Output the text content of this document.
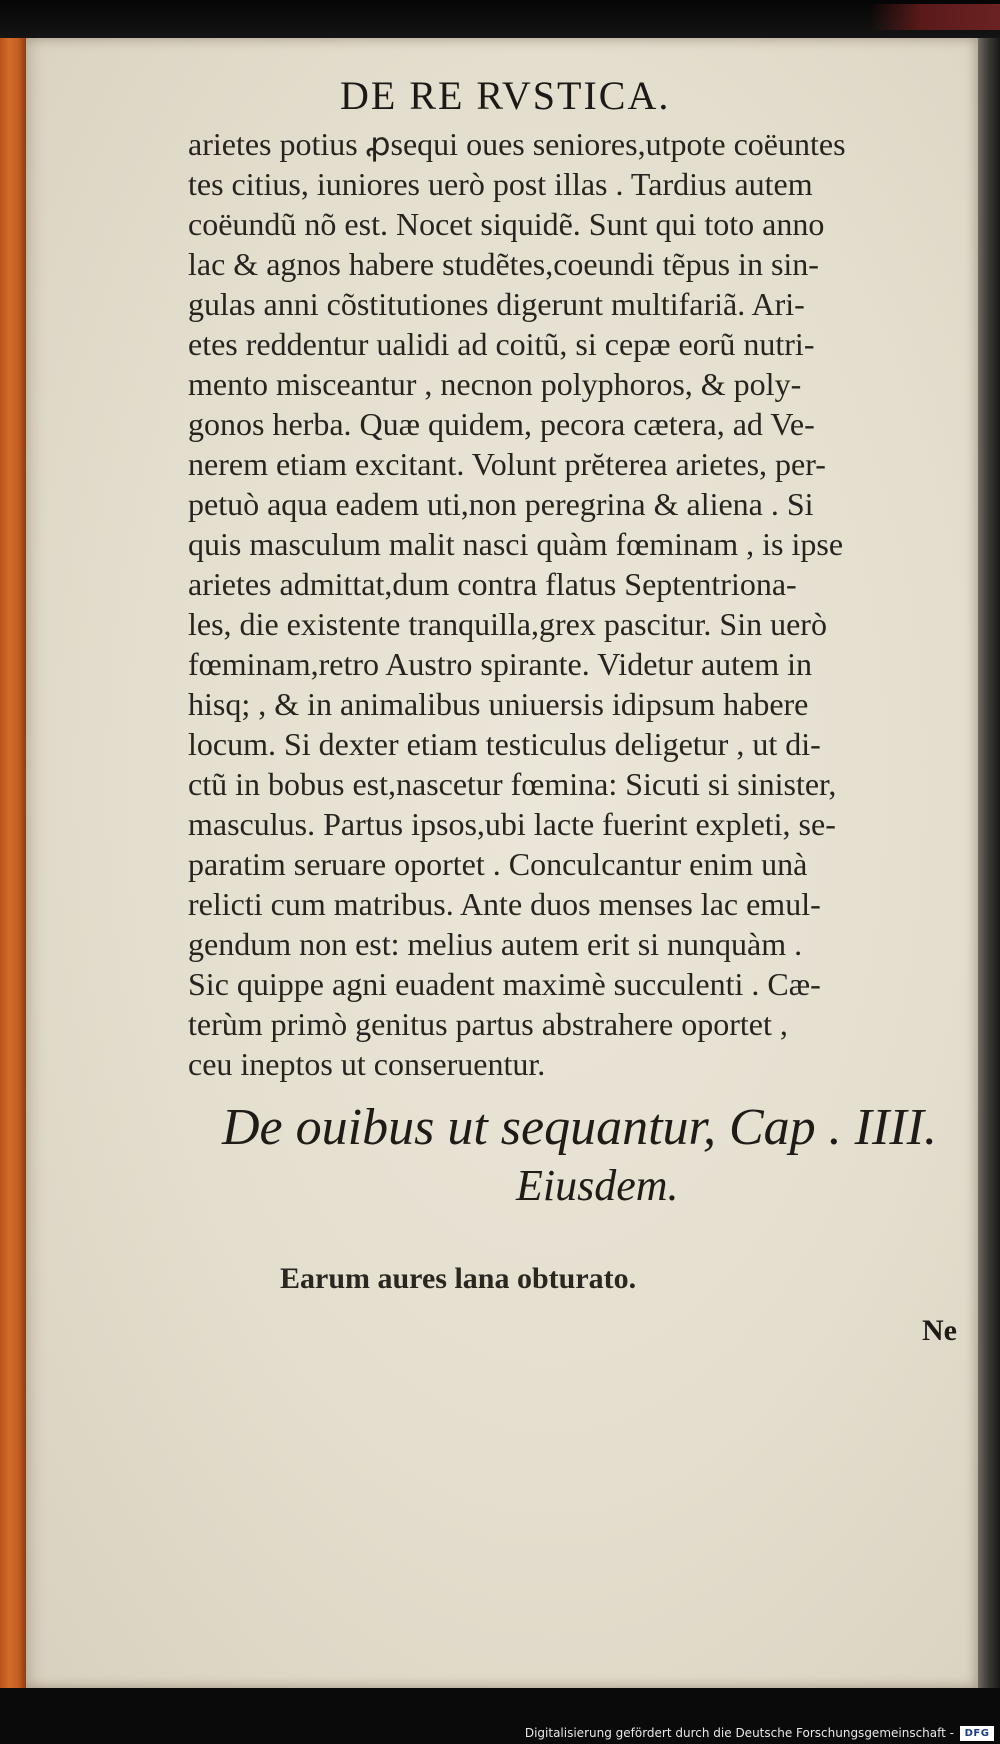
DE RE RVSTICA.
arietes potius ꝓsequi oues seniores,utpote coëuntes
tes citius, iuniores uerò post illas . Tardius autem
coëundũ nõ est. Nocet siquidẽ. Sunt qui toto anno
lac & agnos habere studẽtes,coeundi tẽpus in sin-
gulas anni cõstitutiones digerunt multifariã. Ari-
etes reddentur ualidi ad coitũ, si cepæ eorũ nutri-
mento misceantur , necnon polyphoros, & poly-
gonos herba. Quæ quidem, pecora cætera, ad Ve-
nerem etiam excitant. Volunt prĕterea arietes, per-
petuò aqua eadem uti,non peregrina & aliena . Si
quis masculum malit nasci quàm fœminam , is ipse
arietes admittat,dum contra flatus Septentriona-
les, die existente tranquilla,grex pascitur. Sin uerò
fœminam,retro Austro spirante. Videtur autem in
hisq; , & in animalibus uniuersis idipsum habere
locum. Si dexter etiam testiculus deligetur , ut di-
ctũ in bobus est,nascetur fœmina: Sicuti si sinister,
masculus. Partus ipsos,ubi lacte fuerint expleti, se-
paratim seruare oportet . Conculcantur enim unà
relicti cum matribus. Ante duos menses lac emul-
gendum non est: melius autem erit si nunquàm .
Sic quippe agni euadent maximè succulenti . Cæ-
terùm primò genitus partus abstrahere oportet ,
ceu ineptos ut conseruentur.
De ouibus ut sequantur, Cap . IIII.
Eiusdem.
Earum aures lana obturato.
Ne
Digitalisierung gefördert durch die Deutsche Forschungsgemeinschaft -	DFG
